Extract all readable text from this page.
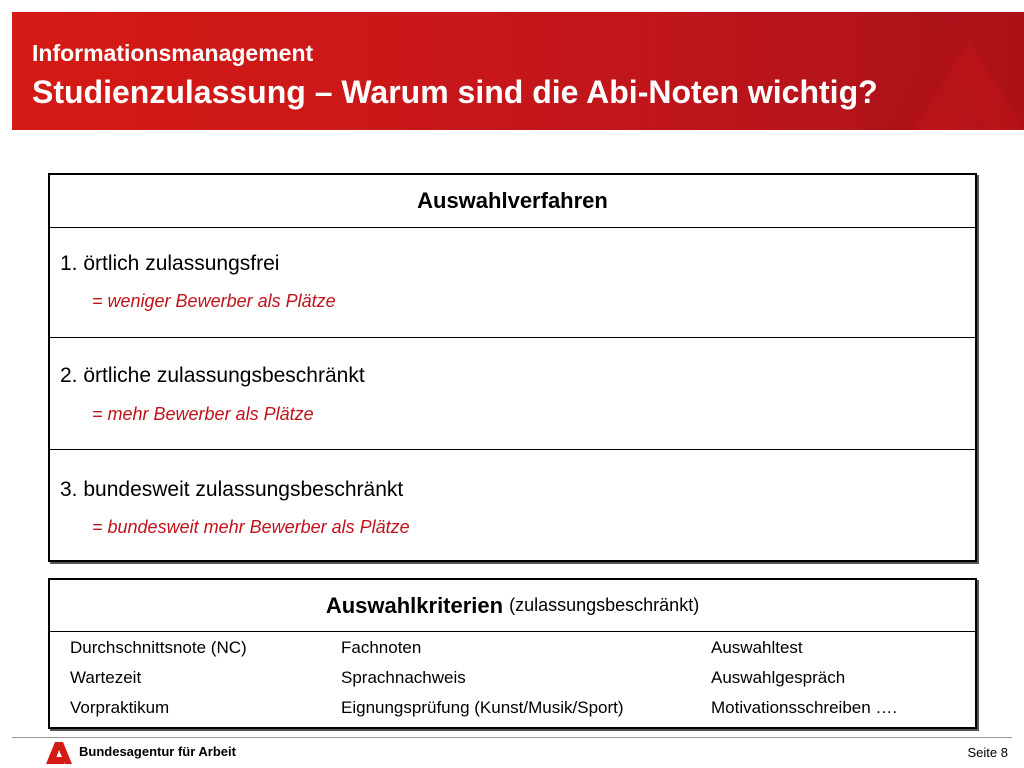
Informationsmanagement
Studienzulassung – Warum sind die Abi-Noten wichtig?
Auswahlverfahren
1. örtlich zulassungsfrei
= weniger Bewerber als Plätze
2. örtliche zulassungsbeschränkt
= mehr Bewerber als Plätze
3. bundesweit zulassungsbeschränkt
= bundesweit mehr Bewerber als Plätze
Auswahlkriterien (zulassungsbeschränkt)
Durchschnittsnote (NC)
Wartezeit
Vorpraktikum
Fachnoten
Sprachnachweis
Eignungsprüfung (Kunst/Musik/Sport)
Auswahltest
Auswahlgespräch
Motivationsschreiben ….
Bundesagentur für Arbeit	Seite 8
